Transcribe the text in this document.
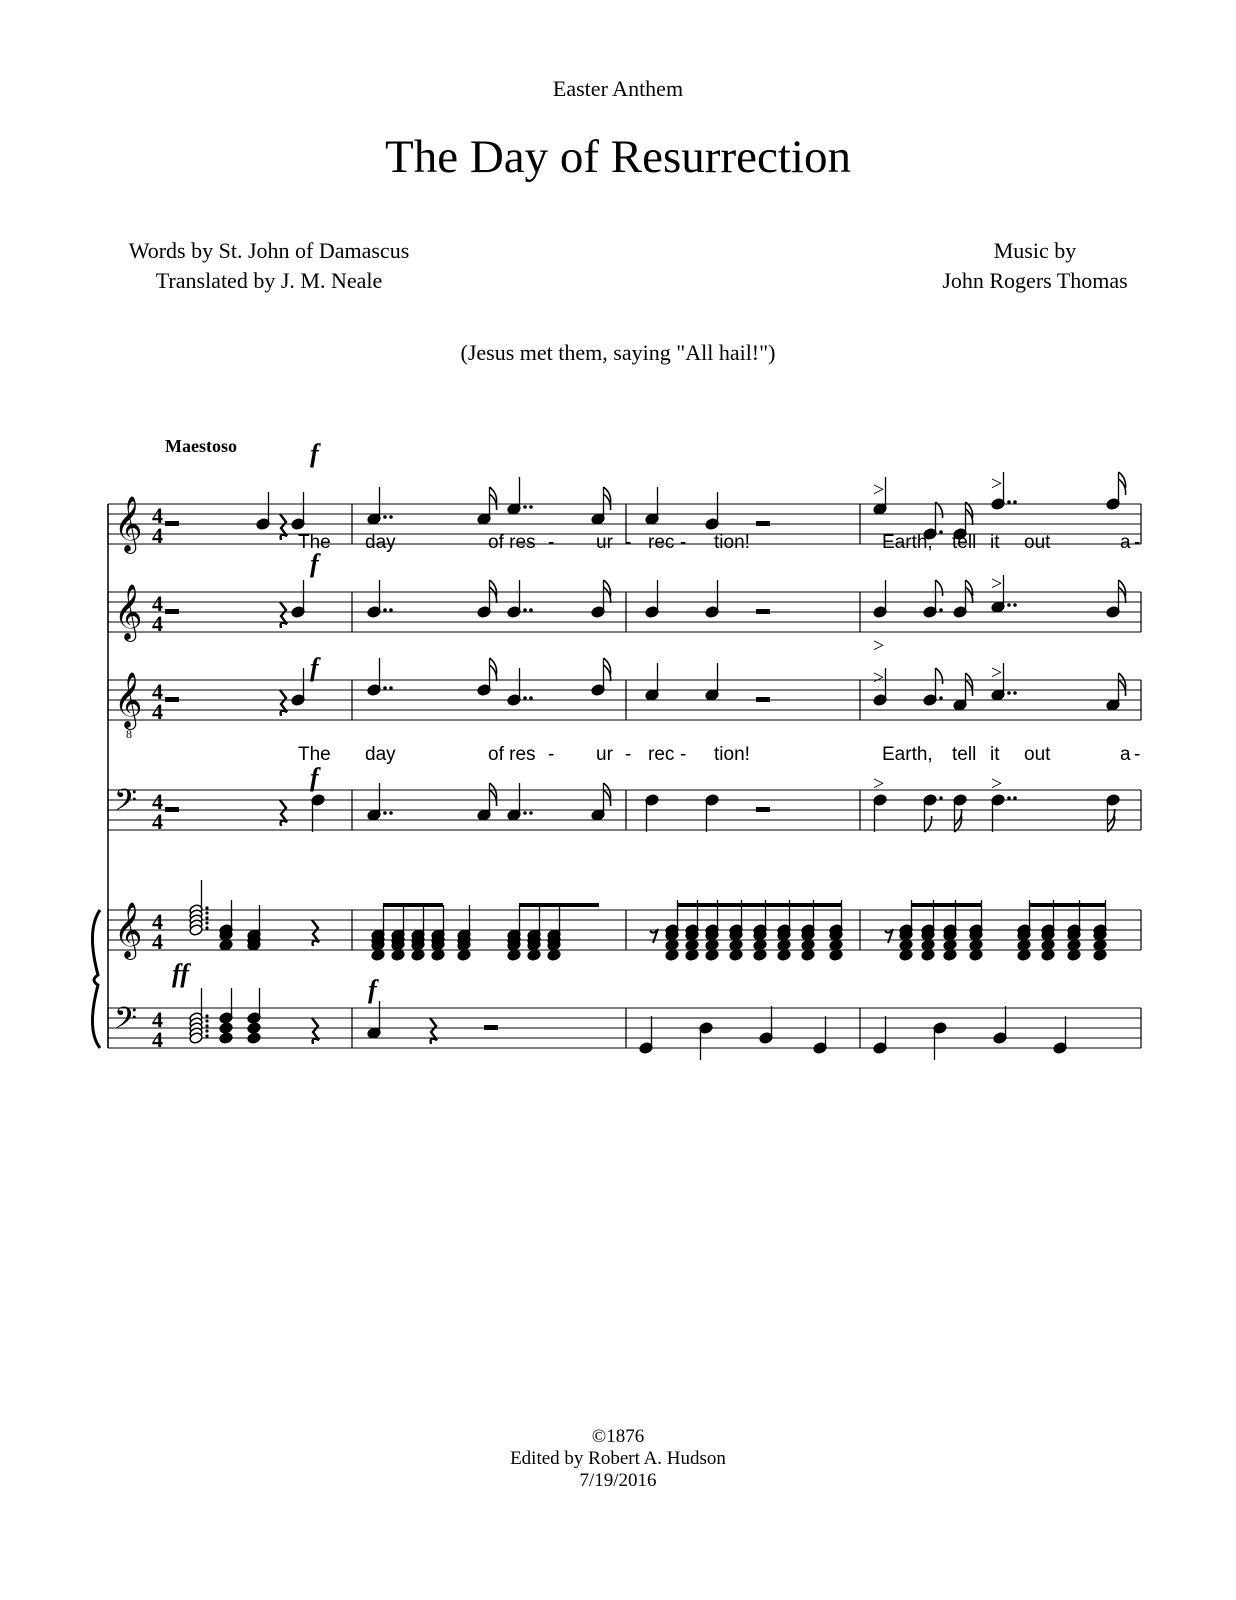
Easter Anthem
The Day of Resurrection
Words by St. John of Damascus
Translated by J. M. Neale
Music by
John Rogers Thomas
(Jesus met them, saying "All hail!")
𝄞 4
4
𝄞 4
4
𝄞 4
4
𝄢 4
4
𝄞 4
4
𝄢 4
4
8
f
>	>
f
>
>
f	>	>
f	>	>
ff
f
Maestoso
The day	of res - ur - rec - tion!	Earth, tell it out	a -
The day	of res - ur - rec - tion!	Earth, tell it out	a -
©1876
Edited by Robert A. Hudson
7/19/2016
